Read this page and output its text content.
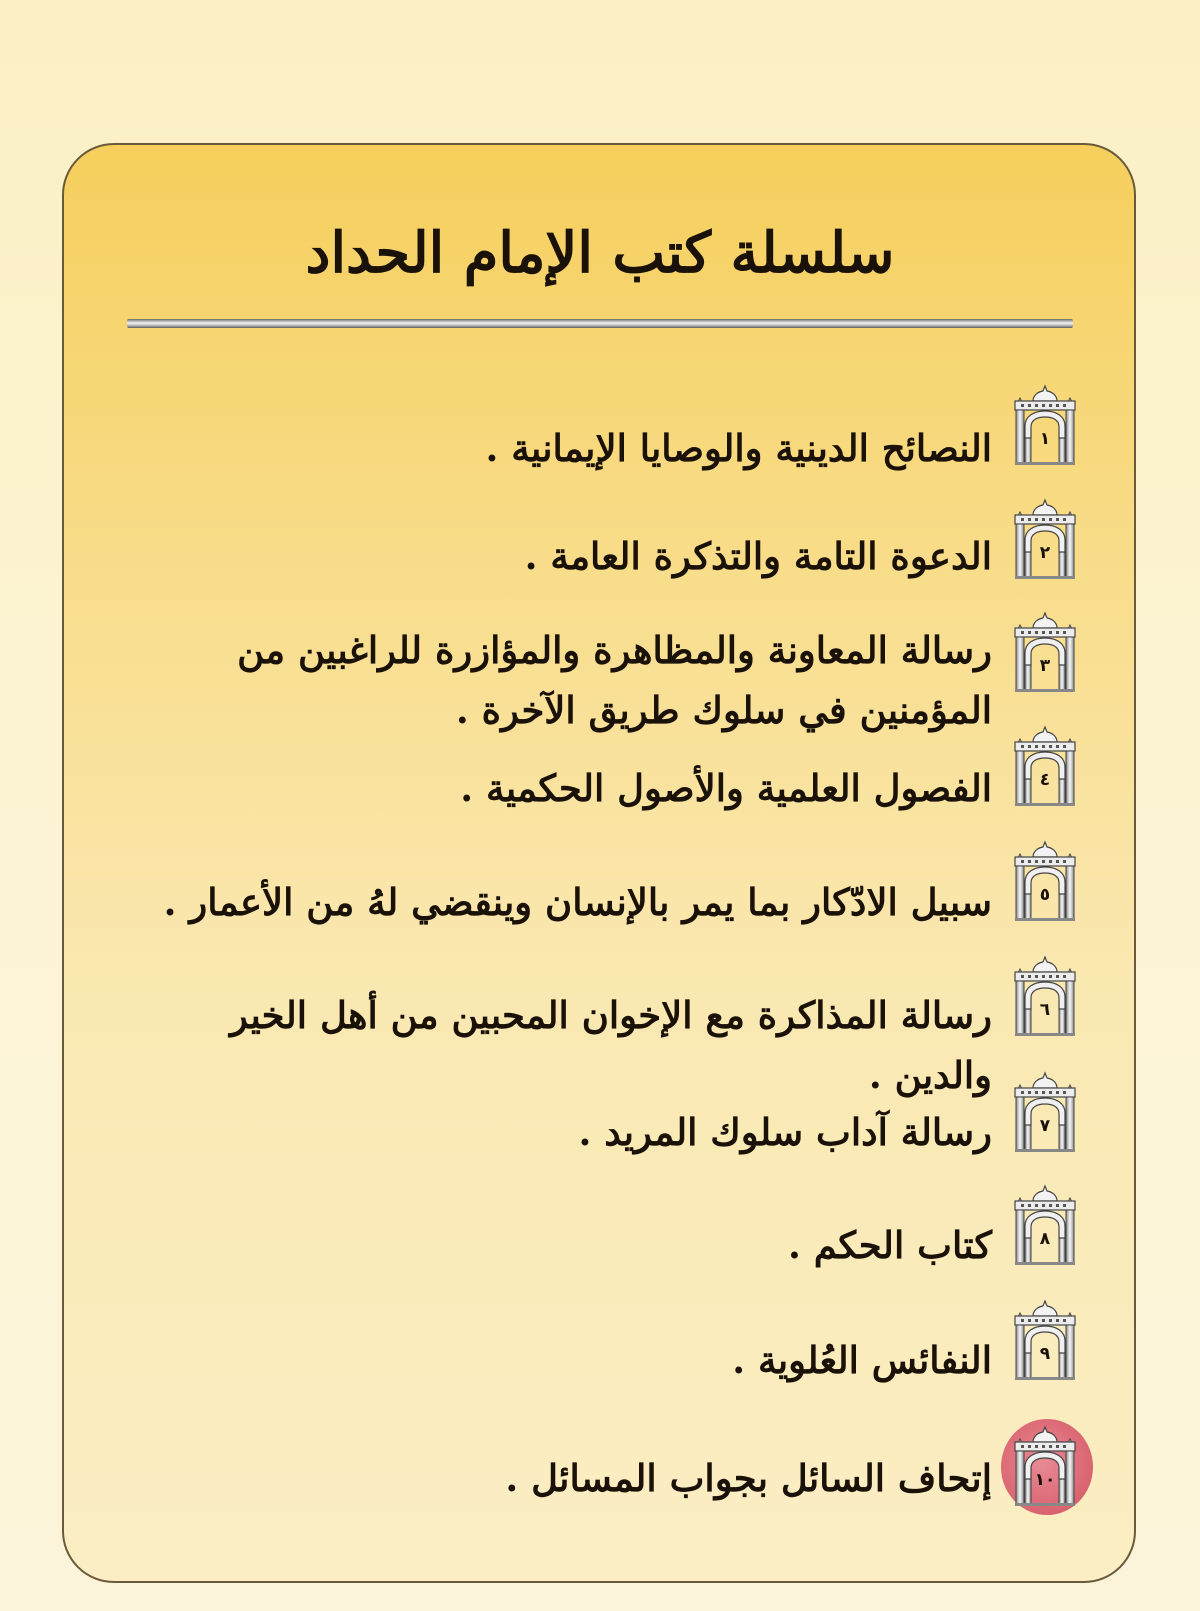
سلسلة كتب الإمام الحداد
١
النصائح الدينية والوصايا الإيمانية .
٢
الدعوة التامة والتذكرة العامة .
٣
رسالة المعاونة والمظاهرة والمؤازرة للراغبين من المؤمنين في سلوك طريق الآخرة .
٤
الفصول العلمية والأصول الحكمية .
٥
سبيل الادّكار بما يمر بالإنسان وينقضي لهُ من الأعمار .
٦
رسالة المذاكرة مع الإخوان المحبين من أهل الخير والدين .
٧
رسالة آداب سلوك المريد .
٨
كتاب الحكم .
٩
النفائس العُلوية .
١٠
إتحاف السائل بجواب المسائل .
